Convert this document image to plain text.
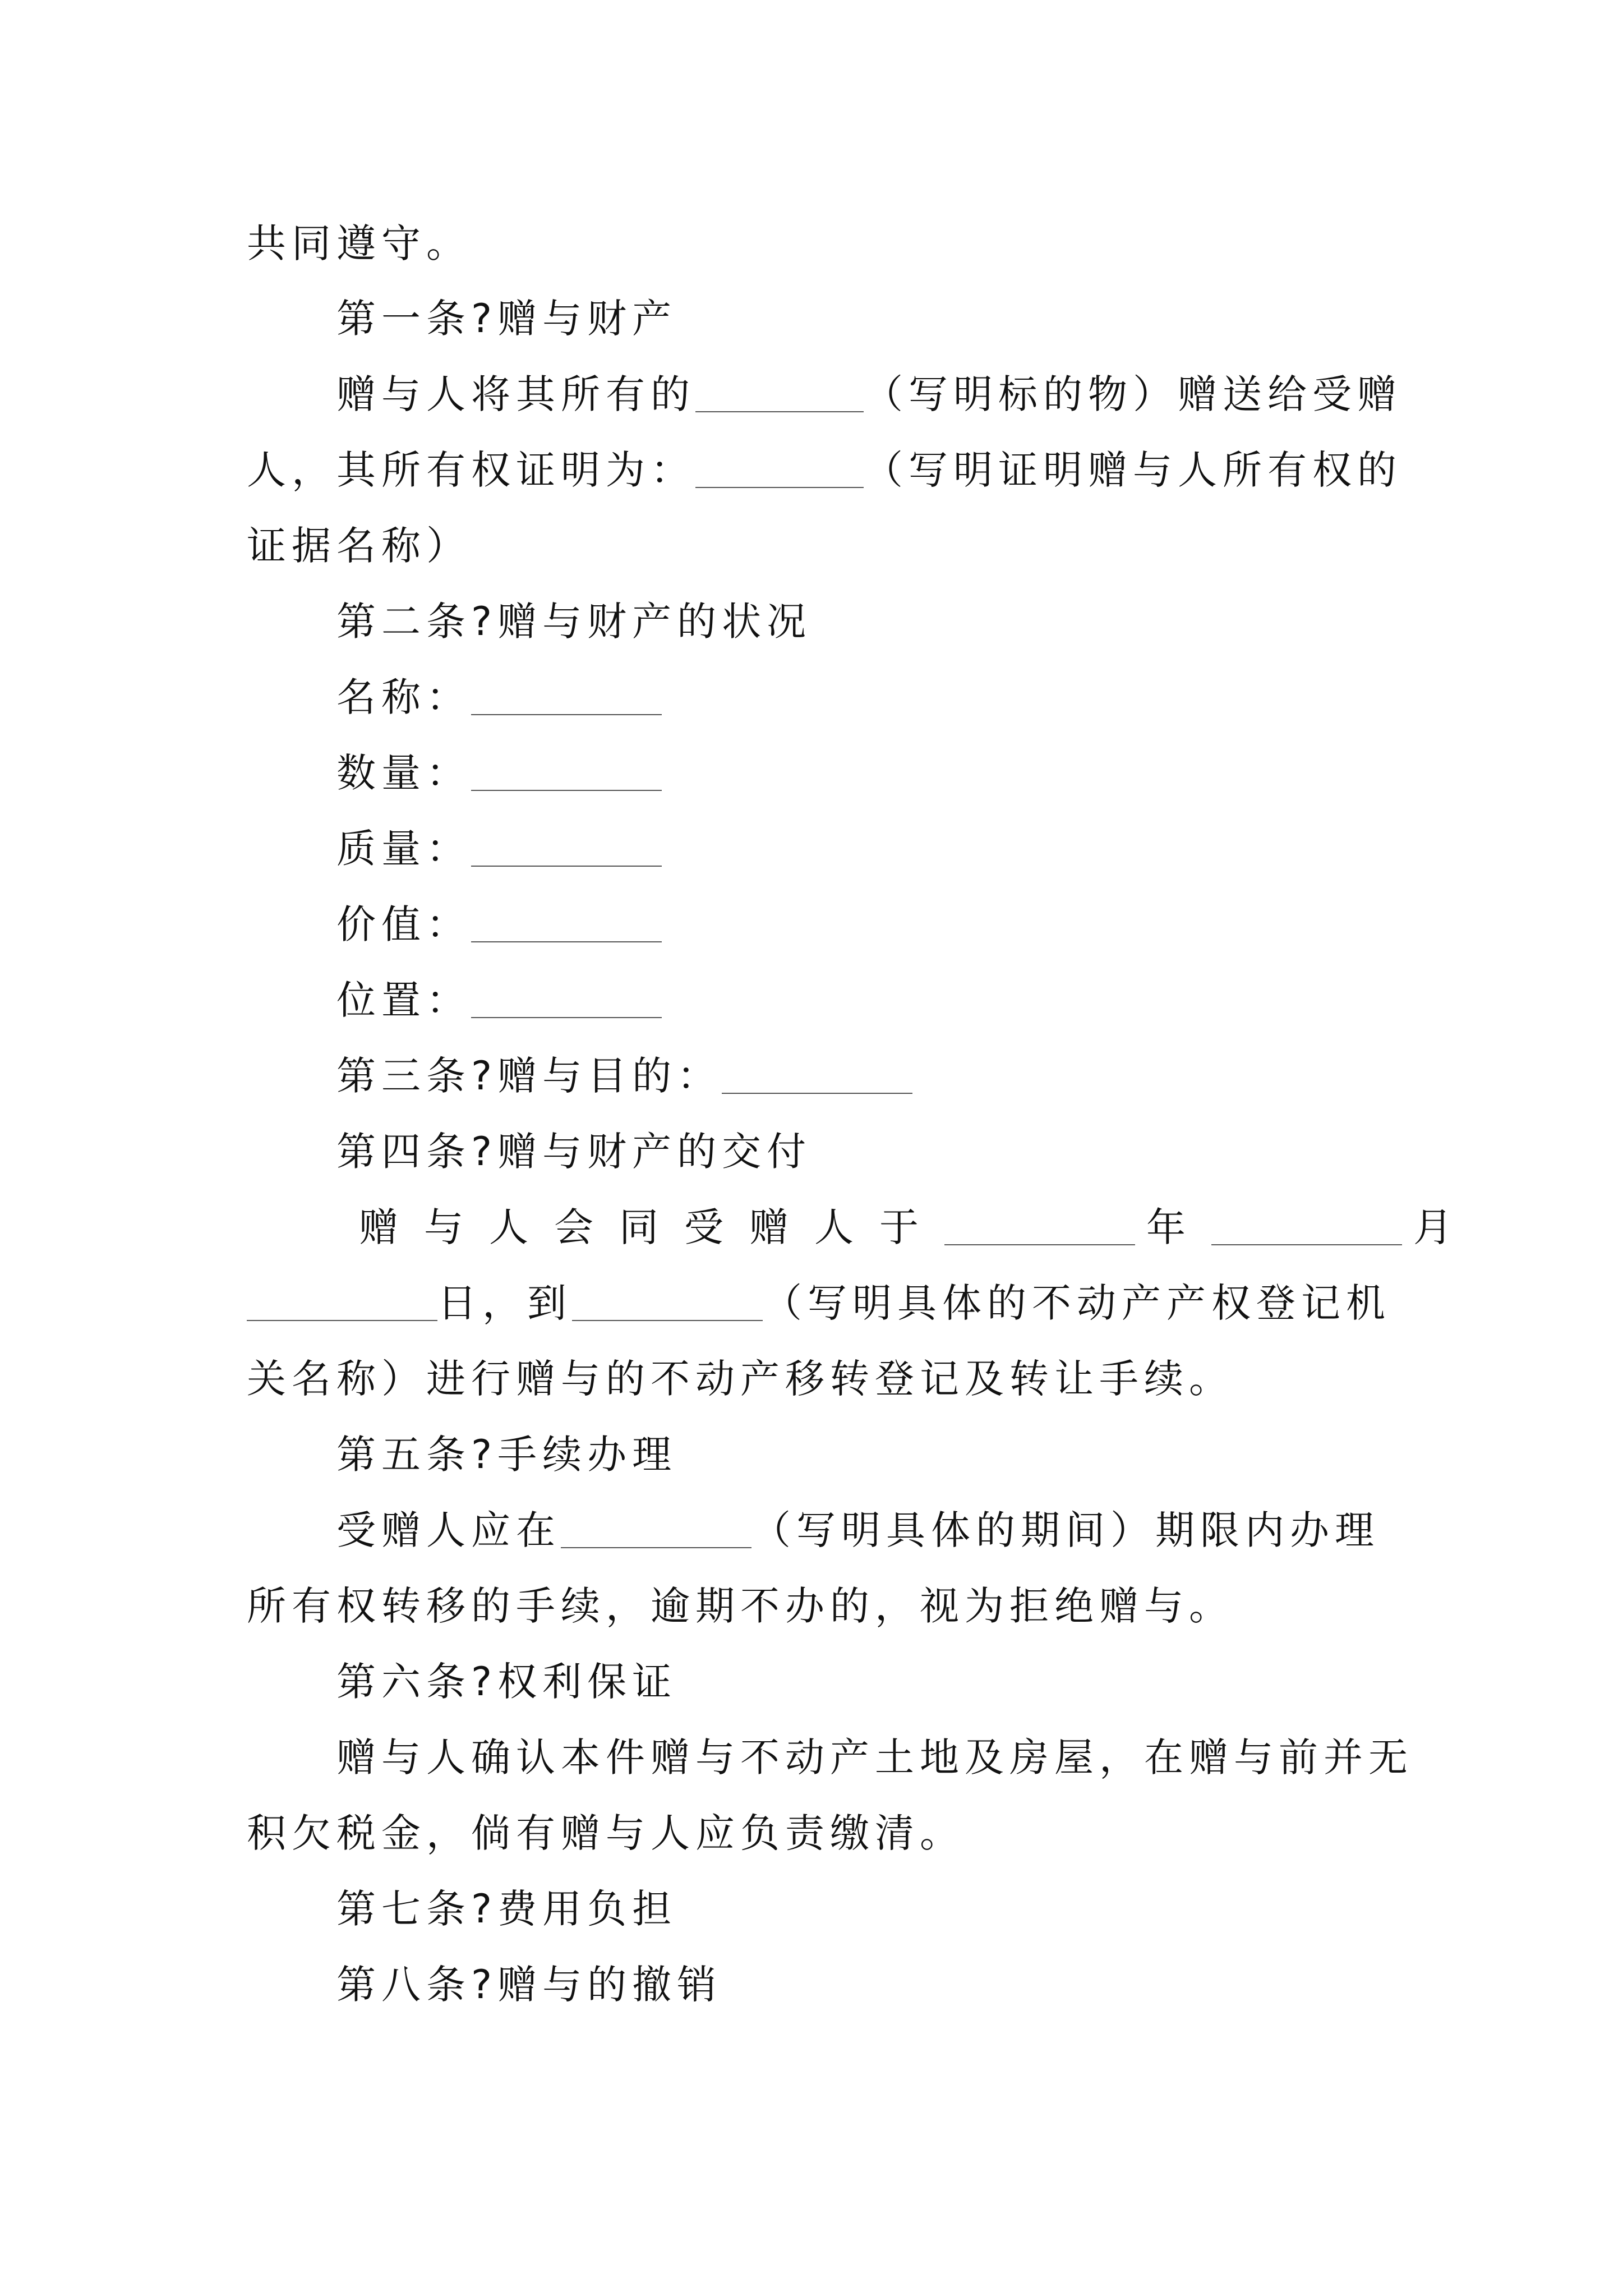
共同遵守。
第一条?赠与财产
赠与人将其所有的	（写明标的物）赠送给受赠
人，其所有权证明为：	（写明证明赠与人所有权的
证据名称）
第二条?赠与财产的状况
名称：
数量：
质量：
价值：
位置：
第三条?赠与目的：
第四条?赠与财产的交付
赠与人会同受赠人于	年	月
日，到	（写明具体的不动产产权登记机
关名称）进行赠与的不动产移转登记及转让手续。
第五条?手续办理
受赠人应在	（写明具体的期间）期限内办理
所有权转移的手续，逾期不办的，视为拒绝赠与。
第六条?权利保证
赠与人确认本件赠与不动产土地及房屋，在赠与前并无
积欠税金，倘有赠与人应负责缴清。
第七条?费用负担
第八条?赠与的撤销
